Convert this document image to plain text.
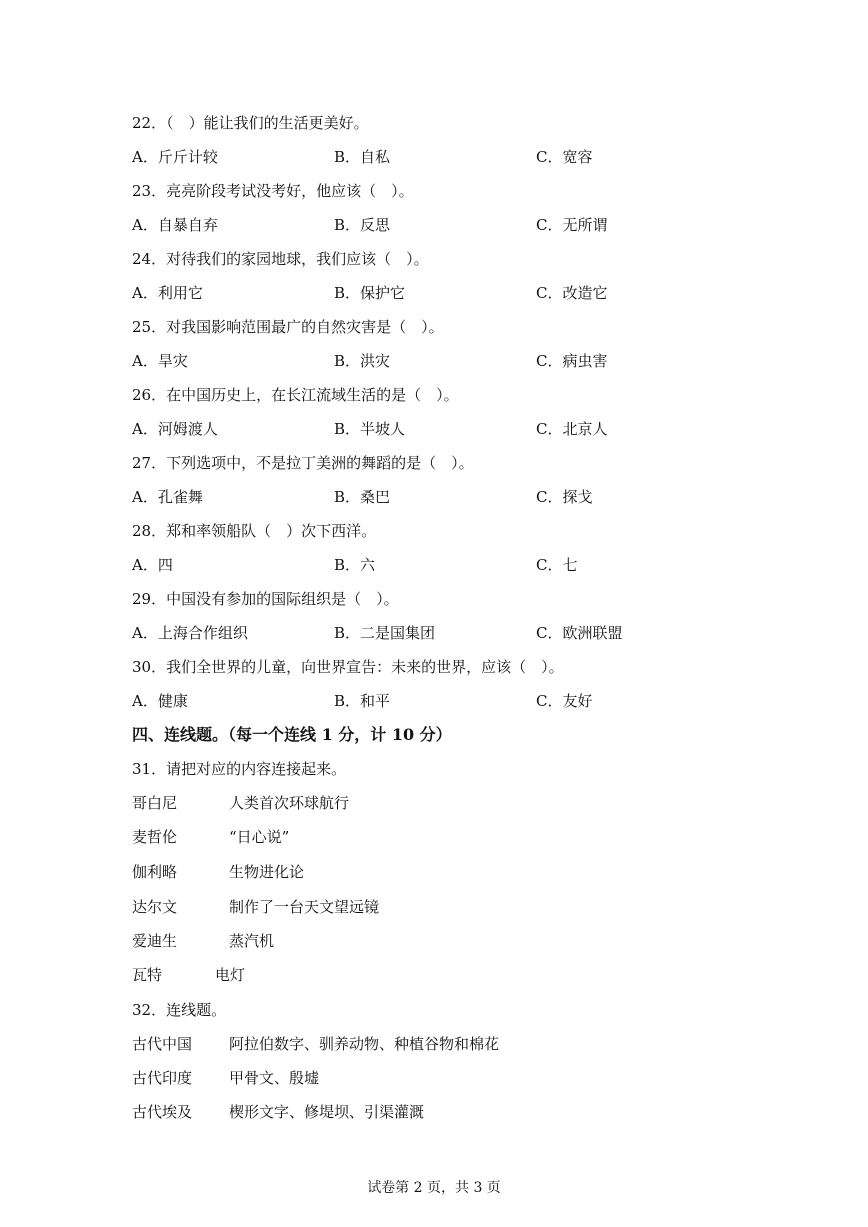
22．（　）能让我们的生活更美好。
A．斤斤计较	B．自私	C．宽容
23．亮亮阶段考试没考好，他应该（　）。
A．自暴自弃	B．反思	C．无所谓
24．对待我们的家园地球，我们应该（　）。
A．利用它	B．保护它	C．改造它
25．对我国影响范围最广的自然灾害是（　）。
A．旱灾	B．洪灾	C．病虫害
26．在中国历史上，在长江流域生活的是（　）。
A．河姆渡人	B．半坡人	C．北京人
27．下列选项中，不是拉丁美洲的舞蹈的是（　）。
A．孔雀舞	B．桑巴	C．探戈
28．郑和率领船队（　）次下西洋。
A．四	B．六	C．七
29．中国没有参加的国际组织是（　）。
A．上海合作组织	B．二是国集团	C．欧洲联盟
30．我们全世界的儿童，向世界宣告：未来的世界，应该（　）。
A．健康	B．和平	C．友好
四、连线题。（每一个连线 1 分，计 10 分）
31．请把对应的内容连接起来。
哥白尼	人类首次环球航行
麦哲伦	“日心说”
伽利略	生物进化论
达尔文	制作了一台天文望远镜
爱迪生	蒸汽机
瓦特	电灯
32．连线题。
古代中国 阿拉伯数字、驯养动物、种植谷物和棉花
古代印度 甲骨文、殷墟
古代埃及 楔形文字、修堤坝、引渠灌溉
试卷第 2 页，共 3 页
